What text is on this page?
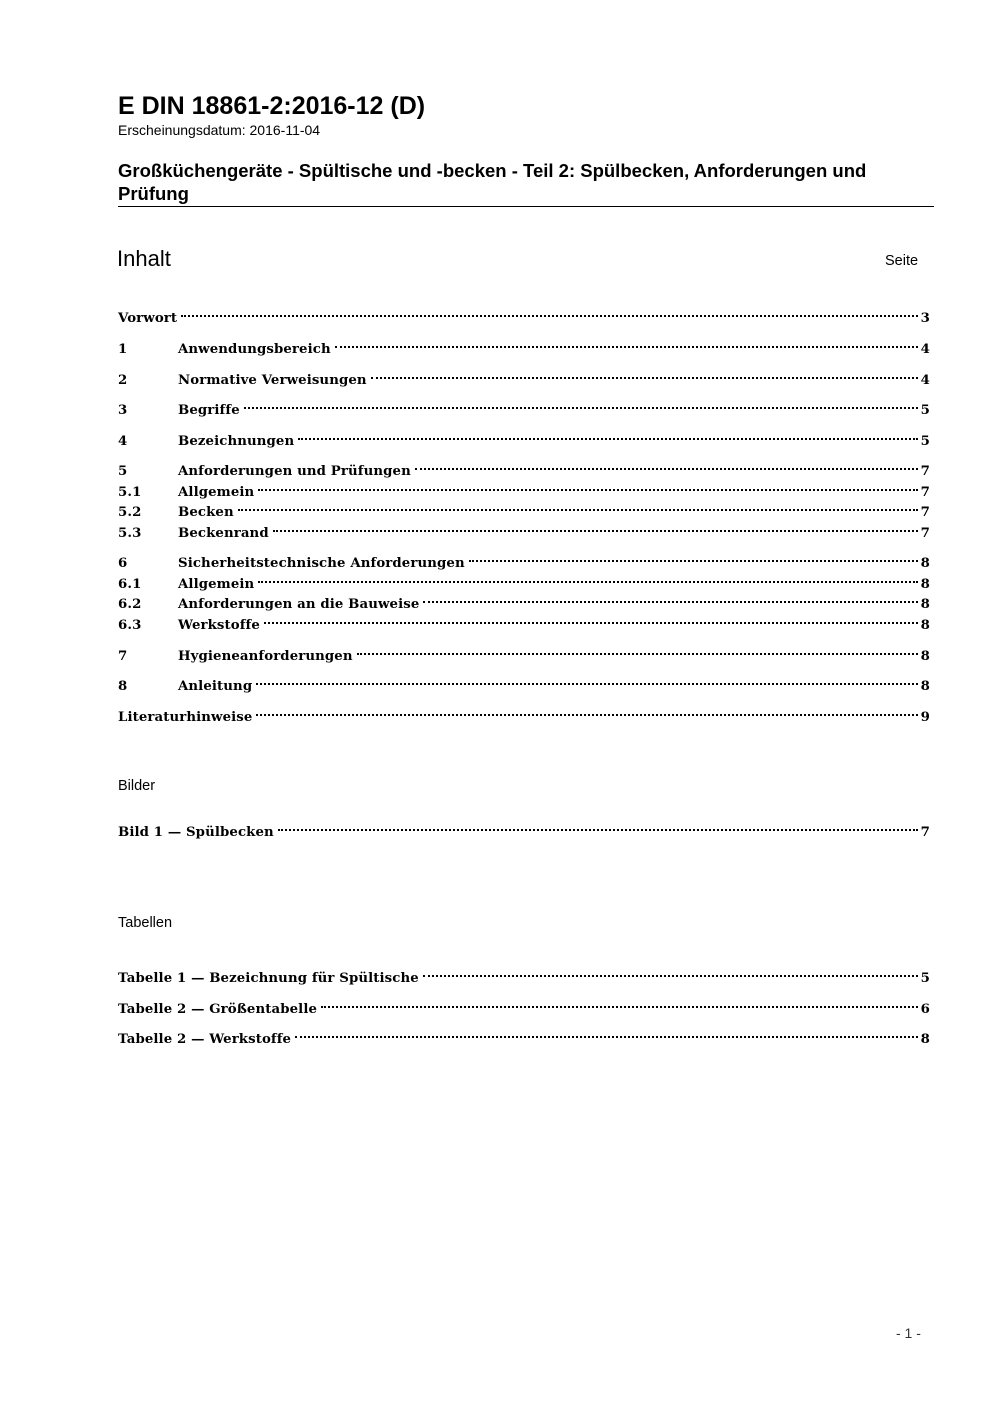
E DIN 18861-2:2016-12 (D)
Erscheinungsdatum: 2016-11-04
Großküchengeräte - Spültische und -becken - Teil 2: Spülbecken, Anforderungen und Prüfung
Inhalt	Seite
Vorwort	3
1	Anwendungsbereich	4
2	Normative Verweisungen	4
3	Begriffe	5
4	Bezeichnungen	5
5	Anforderungen und Prüfungen	7
5.1	Allgemein	7
5.2	Becken	7
5.3	Beckenrand	7
6	Sicherheitstechnische Anforderungen	8
6.1	Allgemein	8
6.2	Anforderungen an die Bauweise	8
6.3	Werkstoffe	8
7	Hygieneanforderungen	8
8	Anleitung	8
Literaturhinweise	9
Bilder
Bild 1 — Spülbecken	7
Tabellen
Tabelle 1 — Bezeichnung für Spültische	5
Tabelle 2 — Größentabelle	6
Tabelle 2 — Werkstoffe	8
- 1 -
